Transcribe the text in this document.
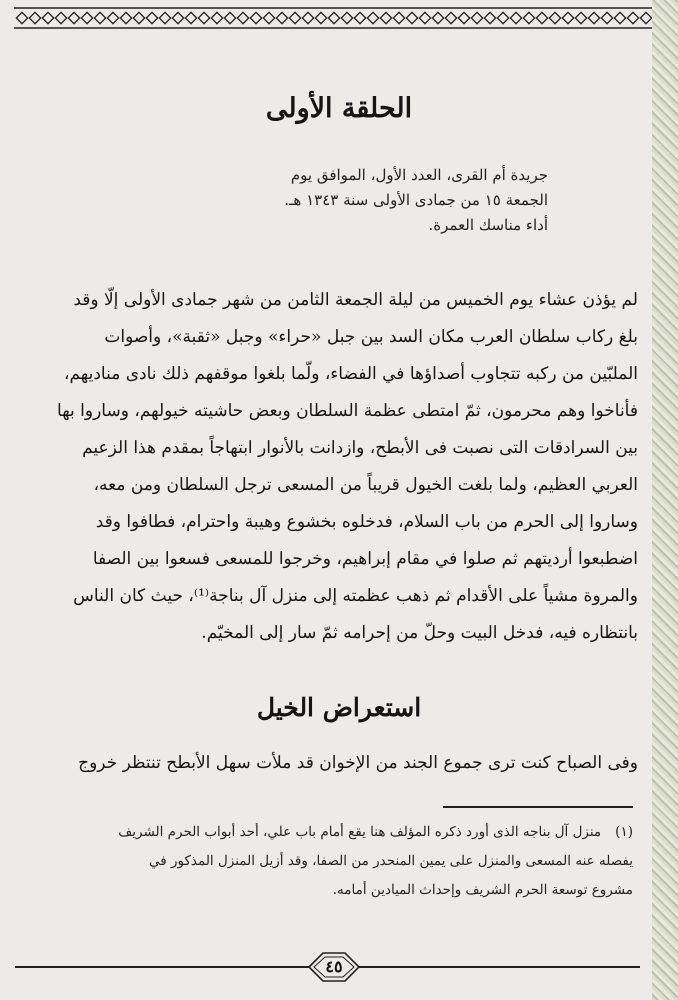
الحلقة الأولى
جريدة أم القرى، العدد الأول، الموافق يوم
الجمعة ١٥ من جمادى الأولى سنة ١٣٤٣ هـ.
أداء مناسك العمرة.
لم يؤذن عشاء يوم الخميس من ليلة الجمعة الثامن من شهر جمادى الأولى إلّا وقد
بلغ ركاب سلطان العرب مكان السد بين جبل «حراء» وجبل «ثقبة»، وأصوات
الملبّين من ركبه تتجاوب أصداؤها في الفضاء، ولّما بلغوا موقفهم ذلك نادى مناديهم،
فأناخوا وهم محرمون، ثمّ امتطى عظمة السلطان وبعض حاشيته خيولهم، وساروا بها
بين السرادقات التى نصبت فى الأبطح، وازدانت بالأنوار ابتهاجاً بمقدم هذا الزعيم
العربي العظيم، ولما بلغت الخيول قريباً من المسعى ترجل السلطان ومن معه،
وساروا إلى الحرم من باب السلام، فدخلوه بخشوع وهيبة واحترام، فطافوا وقد
اضطبعوا أرديتهم ثم صلوا في مقام إبراهيم، وخرجوا للمسعى فسعوا بين الصفا
والمروة مشياً على الأقدام ثم ذهب عظمته إلى منزل آل بناجة⁽¹⁾، حيث كان الناس
بانتظاره فيه، فدخل البيت وحلّ من إحرامه ثمّ سار إلى المخيّم.
استعراض الخيل
وفى الصباح كنت ترى جموع الجند من الإخوان قد ملأت سهل الأبطح تنتظر خروج
(١)منزل آل بناجه الذى أورد ذكره المؤلف هنا يقع أمام باب علي، أحد أبواب الحرم الشريف
يفصله عنه المسعى والمنزل على يمين المنحدر من الصفا، وقد أزيل المنزل المذكور في
مشروع توسعة الحرم الشريف وإحداث الميادين أمامه.
٤٥
